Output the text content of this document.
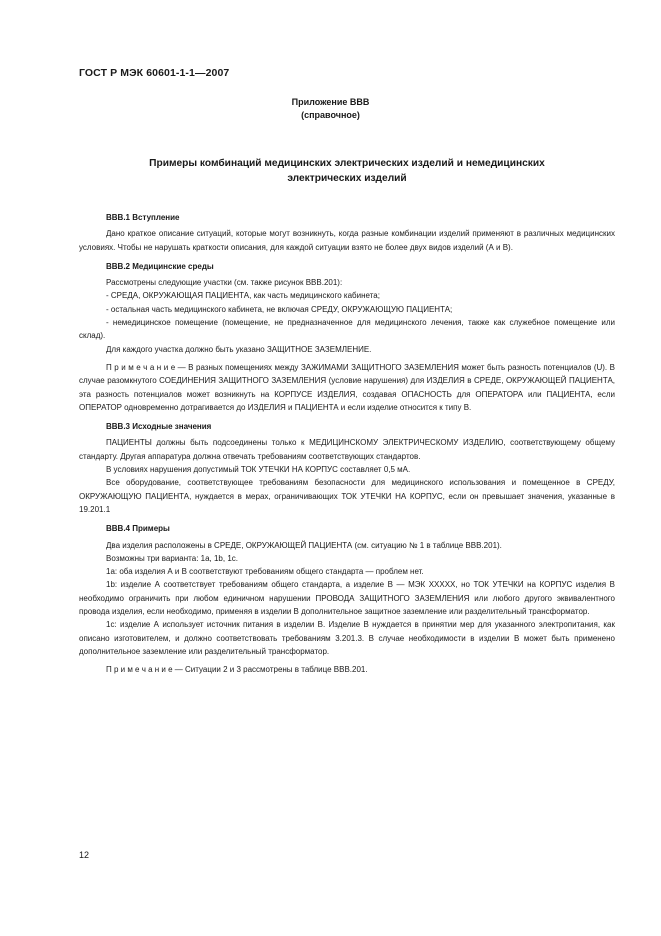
ГОСТ Р МЭК 60601-1-1—2007
Приложение ВВВ
(справочное)
Примеры комбинаций медицинских электрических изделий и немедицинских
электрических изделий

ВВВ.1 Вступление

Дано краткое описание ситуаций, которые могут возникнуть, когда разные комбинации изделий применяют в различных медицинских условиях. Чтобы не нарушать краткости описания, для каждой ситуации взято не более двух видов изделий (А и В).

ВВВ.2 Медицинские среды

Рассмотрены следующие участки (см. также рисунок ВВВ.201):

- СРЕДА, ОКРУЖАЮЩАЯ ПАЦИЕНТА, как часть медицинского кабинета;

- остальная часть медицинского кабинета, не включая СРЕДУ, ОКРУЖАЮЩУЮ ПАЦИЕНТА;

- немедицинское помещение (помещение, не предназначенное для медицинского лечения, также как служебное помещение или склад).

Для каждого участка должно быть указано ЗАЩИТНОЕ ЗАЗЕМЛЕНИЕ.

П р и м е ч а н и е — В разных помещениях между ЗАЖИМАМИ ЗАЩИТНОГО ЗАЗЕМЛЕНИЯ может быть разность потенциалов (U). В случае разомкнутого СОЕДИНЕНИЯ ЗАЩИТНОГО ЗАЗЕМЛЕНИЯ (условие нарушения) для ИЗДЕЛИЯ в СРЕДЕ, ОКРУЖАЮЩЕЙ ПАЦИЕНТА, эта разность потенциалов может возникнуть на КОРПУСЕ ИЗДЕЛИЯ, создавая ОПАСНОСТЬ для ОПЕРАТОРА или ПАЦИЕНТА, если ОПЕРАТОР одновременно дотрагивается до ИЗДЕЛИЯ и ПАЦИЕНТА и если изделие относится к типу В.

ВВВ.3 Исходные значения

ПАЦИЕНТЫ должны быть подсоединены только к МЕДИЦИНСКОМУ ЭЛЕКТРИЧЕСКОМУ ИЗДЕЛИЮ, соответствующему общему стандарту. Другая аппаратура должна отвечать требованиям соответствующих стандартов.

В условиях нарушения допустимый ТОК УТЕЧКИ НА КОРПУС составляет 0,5 мА.

Все оборудование, соответствующее требованиям безопасности для медицинского использования и помещенное в СРЕДУ, ОКРУЖАЮЩУЮ ПАЦИЕНТА, нуждается в мерах, ограничивающих ТОК УТЕЧКИ НА КОРПУС, если он превышает значения, указанные в 19.201.1

ВВВ.4 Примеры

Два изделия расположены в СРЕДЕ, ОКРУЖАЮЩЕЙ ПАЦИЕНТА (см. ситуацию № 1 в таблице ВВВ.201).

Возможны три варианта: 1а, 1b, 1с.

1а: оба изделия А и В соответствуют требованиям общего стандарта — проблем нет.

1b: изделие А соответствует требованиям общего стандарта, а изделие В — МЭК XXXXX, но ТОК УТЕЧКИ на КОРПУС изделия В необходимо ограничить при любом единичном нарушении ПРОВОДА ЗАЩИТНОГО ЗАЗЕМЛЕНИЯ или любого другого эквивалентного провода изделия, если необходимо, применяя в изделии В дополнительное защитное заземление или разделительный трансформатор.

1с: изделие А использует источник питания в изделии В. Изделие В нуждается в принятии мер для указанного электропитания, как описано изготовителем, и должно соответствовать требованиям 3.201.3. В случае необходимости в изделии В может быть применено дополнительное заземление или разделительный трансформатор.

П р и м е ч а н и е — Ситуации 2 и 3 рассмотрены в таблице ВВВ.201.

12
